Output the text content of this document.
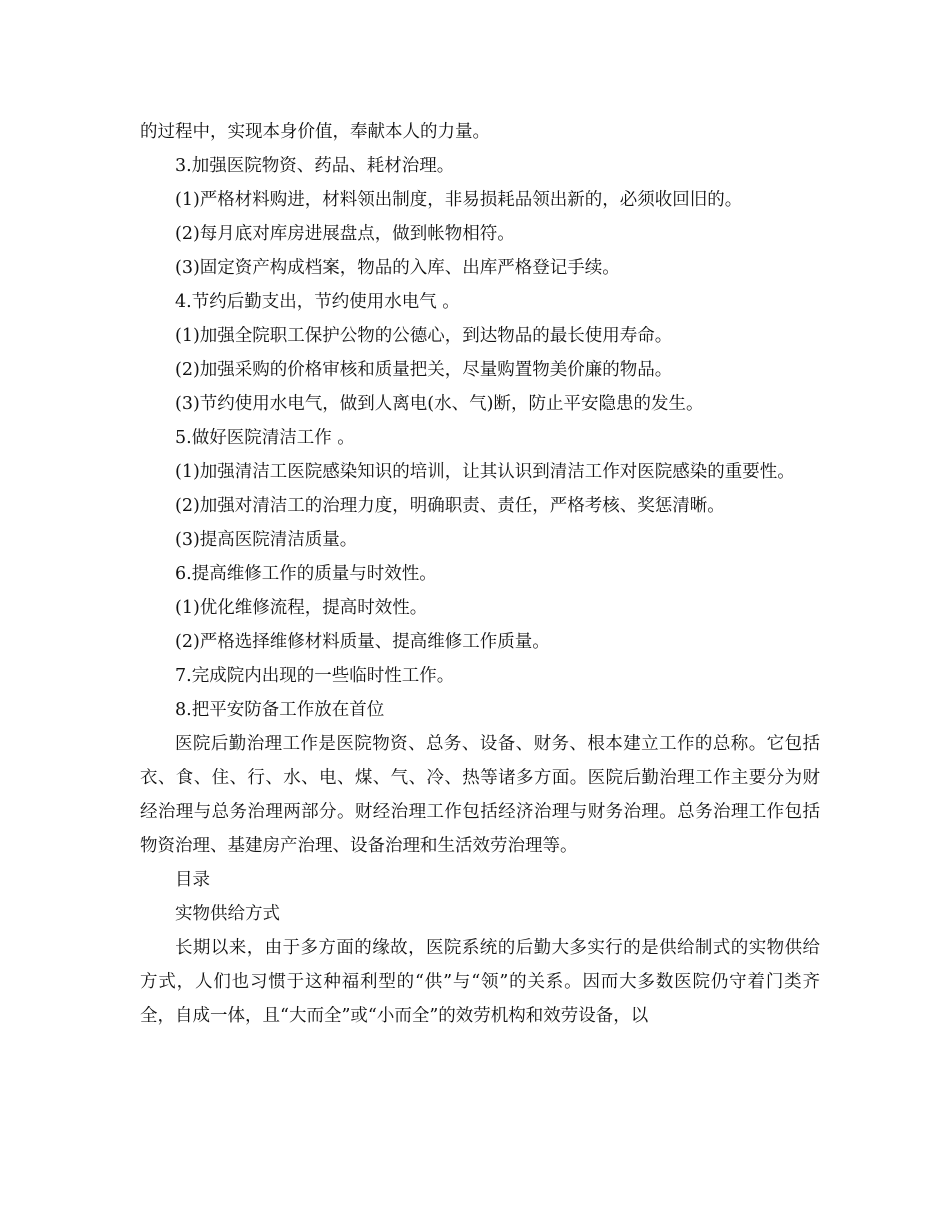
的过程中，实现本身价值，奉献本人的力量。

3.加强医院物资、药品、耗材治理。

(1)严格材料购进，材料领出制度，非易损耗品领出新的，必须收回旧的。

(2)每月底对库房进展盘点，做到帐物相符。

(3)固定资产构成档案，物品的入库、出库严格登记手续。

4.节约后勤支出，节约使用水电气 。

(1)加强全院职工保护公物的公德心，到达物品的最长使用寿命。

(2)加强采购的价格审核和质量把关，尽量购置物美价廉的物品。

(3)节约使用水电气，做到人离电(水、气)断，防止平安隐患的发生。

5.做好医院清洁工作 。

(1)加强清洁工医院感染知识的培训，让其认识到清洁工作对医院感染的重要性。

(2)加强对清洁工的治理力度，明确职责、责任，严格考核、奖惩清晰。

(3)提高医院清洁质量。

6.提高维修工作的质量与时效性。

(1)优化维修流程，提高时效性。

(2)严格选择维修材料质量、提高维修工作质量。

7.完成院内出现的一些临时性工作。

8.把平安防备工作放在首位

医院后勤治理工作是医院物资、总务、设备、财务、根本建立工作的总称。它包括衣、食、住、行、水、电、煤、气、冷、热等诸多方面。医院后勤治理工作主要分为财经治理与总务治理两部分。财经治理工作包括经济治理与财务治理。总务治理工作包括物资治理、基建房产治理、设备治理和生活效劳治理等。

目录

实物供给方式

长期以来，由于多方面的缘故，医院系统的后勤大多实行的是供给制式的实物供给方式，人们也习惯于这种福利型的“供”与“领”的关系。因而大多数医院仍守着门类齐全，自成一体，且“大而全”或“小而全”的效劳机构和效劳设备，以
